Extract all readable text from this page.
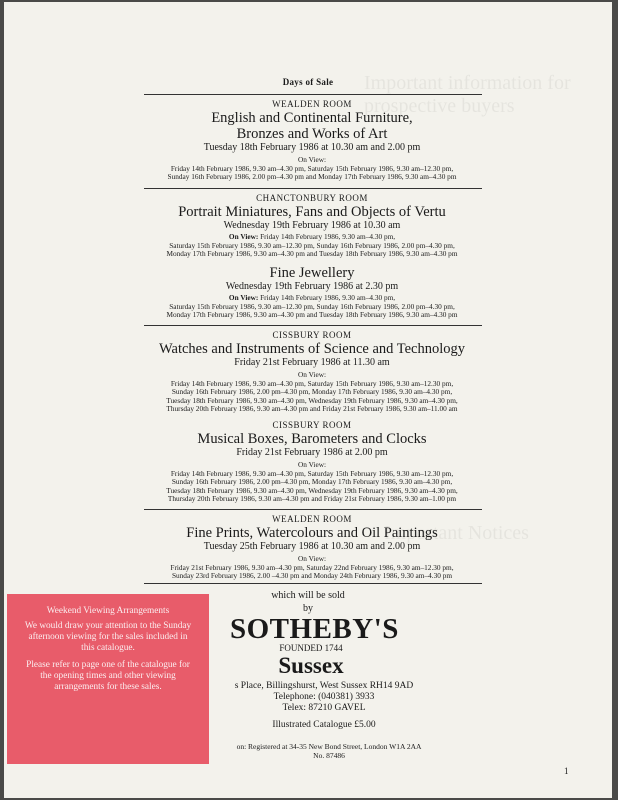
Important information for prospective buyers
Important Notices
Days of Sale
WEALDEN ROOM
English and Continental Furniture,
Bronzes and Works of Art
Tuesday 18th February 1986 at 10.30 am and 2.00 pm
On View:
Friday 14th February 1986, 9.30 am–4.30 pm, Saturday 15th February 1986, 9.30 am–12.30 pm,
Sunday 16th February 1986, 2.00 pm–4.30 pm and Monday 17th February 1986, 9.30 am–4.30 pm
CHANCTONBURY ROOM
Portrait Miniatures, Fans and Objects of Vertu
Wednesday 19th February 1986 at 10.30 am
On View: Friday 14th February 1986, 9.30 am–4.30 pm,
Saturday 15th February 1986, 9.30 am–12.30 pm, Sunday 16th February 1986, 2.00 pm–4.30 pm,
Monday 17th February 1986, 9.30 am–4.30 pm and Tuesday 18th February 1986, 9.30 am–4.30 pm
Fine Jewellery
Wednesday 19th February 1986 at 2.30 pm
On View: Friday 14th February 1986, 9.30 am–4.30 pm,
Saturday 15th February 1986, 9.30 am–12.30 pm, Sunday 16th February 1986, 2.00 pm–4.30 pm,
Monday 17th February 1986, 9.30 am–4.30 pm and Tuesday 18th February 1986, 9.30 am–4.30 pm
CISSBURY ROOM
Watches and Instruments of Science and Technology
Friday 21st February 1986 at 11.30 am
On View:
Friday 14th February 1986, 9.30 am–4.30 pm, Saturday 15th February 1986, 9.30 am–12.30 pm,
Sunday 16th February 1986, 2.00 pm–4.30 pm, Monday 17th February 1986, 9.30 am–4.30 pm,
Tuesday 18th February 1986, 9.30 am–4.30 pm, Wednesday 19th February 1986, 9.30 am–4.30 pm,
Thursday 20th February 1986, 9.30 am–4.30 pm and Friday 21st February 1986, 9.30 am–11.00 am
CISSBURY ROOM
Musical Boxes, Barometers and Clocks
Friday 21st February 1986 at 2.00 pm
On View:
Friday 14th February 1986, 9.30 am–4.30 pm, Saturday 15th February 1986, 9.30 am–12.30 pm,
Sunday 16th February 1986, 2.00 pm–4.30 pm, Monday 17th February 1986, 9.30 am–4.30 pm,
Tuesday 18th February 1986, 9.30 am–4.30 pm, Wednesday 19th February 1986, 9.30 am–4.30 pm,
Thursday 20th February 1986, 9.30 am–4.30 pm and Friday 21st February 1986, 9.30 am–1.00 pm
WEALDEN ROOM
Fine Prints, Watercolours and Oil Paintings
Tuesday 25th February 1986 at 10.30 am and 2.00 pm
On View:
Friday 21st February 1986, 9.30 am–4.30 pm, Saturday 22nd February 1986, 9.30 am–12.30 pm,
Sunday 23rd February 1986, 2.00 –4.30 pm and Monday 24th February 1986, 9.30 am–4.30 pm
which will be sold
by
SOTHEBY'S
FOUNDED 1744
Sussex
s Place, Billingshurst, West Sussex RH14 9AD
Telephone: (040381) 3933
Telex: 87210 GAVEL
Illustrated Catalogue £5.00
on: Registered at 34-35 New Bond Street, London W1A 2AA
No. 87486
Weekend Viewing Arrangements
We would draw your attention to the Sunday afternoon viewing for the sales included in this catalogue.
Please refer to page one of the catalogue for the opening times and other viewing arrangements for these sales.
1
